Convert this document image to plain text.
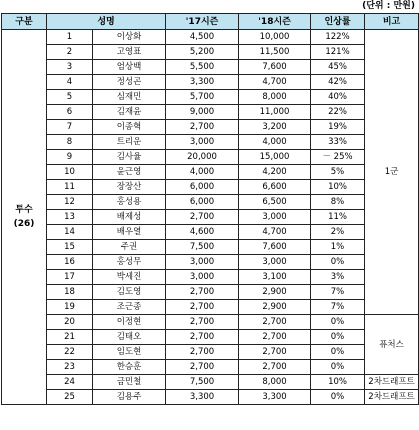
(단위 : 만원)
구분	성명		'17시즌	'18시즌	인상률	비고

투수
(26)	1	이상화	4,500	10,000	122%	1군
	2	고영표	5,200	11,500	121%	
	3	엄상백	5,500	7,600	45%	
	4	정성곤	3,300	4,700	42%	
	5	심재민	5,700	8,000	40%	
	6	김재윤	9,000	11,000	22%	
	7	이종혁	2,700	3,200	19%	
	8	트리운	3,000	4,000	33%	
	9	김사율	20,000	15,000	－ 25%	
	10	윤근영	4,000	4,200	5%	
	11	장장산	6,000	6,600	10%	
	12	홍성용	6,000	6,500	8%	
	13	배제성	2,700	3,000	11%	
	14	배우열	4,600	4,700	2%	
	15	주권	7,500	7,600	1%	
	16	홍성무	3,000	3,000	0%	
	17	박세진	3,000	3,100	3%	
	18	김도영	2,700	2,900	7%	
	19	조근종	2,700	2,900	7%	
	20	이정현	2,700	2,700	0%	퓨처스
	21	김태오	2,700	2,700	0%	
	22	임도현	2,700	2,700	0%	
	23	한승훈	2,700	2,700	0%	
	24	금민철	7,500	8,000	10%	2차드래프트
	25	김용주	3,300	3,300	0%	2차드래프트
